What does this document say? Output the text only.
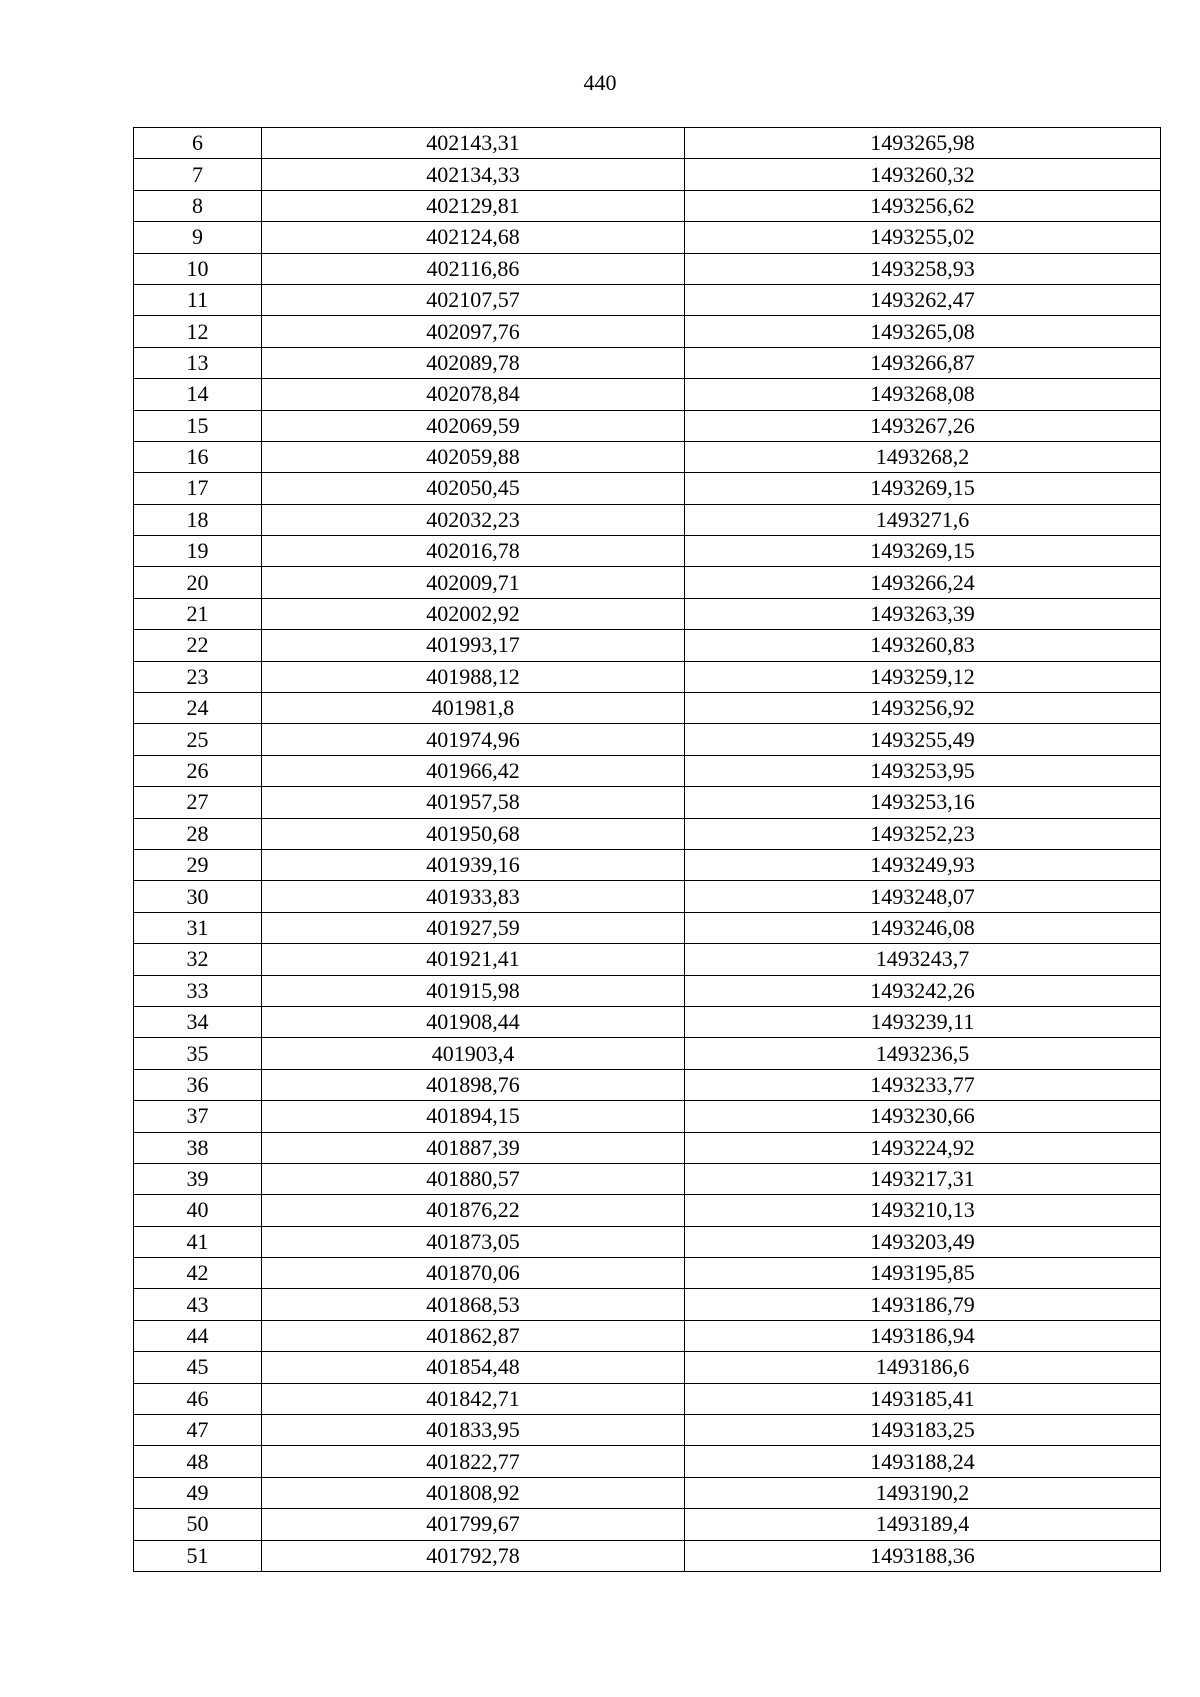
440
6	402143,31	1493265,98
7	402134,33	1493260,32
8	402129,81	1493256,62
9	402124,68	1493255,02
10	402116,86	1493258,93
11	402107,57	1493262,47
12	402097,76	1493265,08
13	402089,78	1493266,87
14	402078,84	1493268,08
15	402069,59	1493267,26
16	402059,88	1493268,2
17	402050,45	1493269,15
18	402032,23	1493271,6
19	402016,78	1493269,15
20	402009,71	1493266,24
21	402002,92	1493263,39
22	401993,17	1493260,83
23	401988,12	1493259,12
24	401981,8	1493256,92
25	401974,96	1493255,49
26	401966,42	1493253,95
27	401957,58	1493253,16
28	401950,68	1493252,23
29	401939,16	1493249,93
30	401933,83	1493248,07
31	401927,59	1493246,08
32	401921,41	1493243,7
33	401915,98	1493242,26
34	401908,44	1493239,11
35	401903,4	1493236,5
36	401898,76	1493233,77
37	401894,15	1493230,66
38	401887,39	1493224,92
39	401880,57	1493217,31
40	401876,22	1493210,13
41	401873,05	1493203,49
42	401870,06	1493195,85
43	401868,53	1493186,79
44	401862,87	1493186,94
45	401854,48	1493186,6
46	401842,71	1493185,41
47	401833,95	1493183,25
48	401822,77	1493188,24
49	401808,92	1493190,2
50	401799,67	1493189,4
51	401792,78	1493188,36
